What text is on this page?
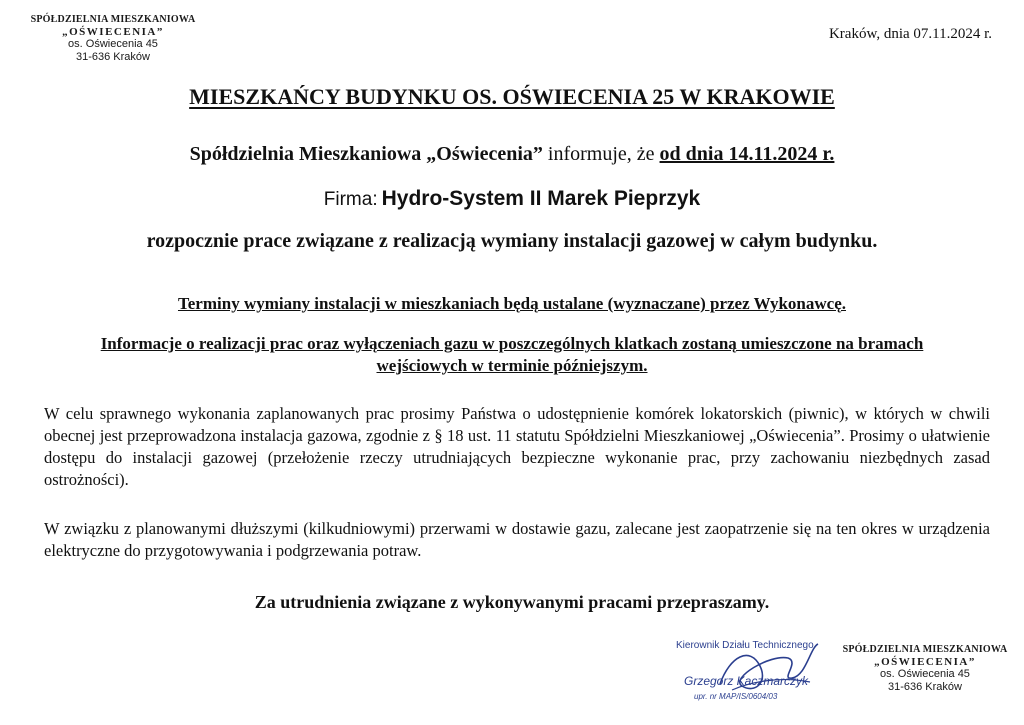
SPÓŁDZIELNIA MIESZKANIOWA
„OŚWIECENIA”
os. Oświecenia 45
31-636 Kraków
Kraków, dnia 07.11.2024 r.
MIESZKAŃCY BUDYNKU OS. OŚWIECENIA 25 W KRAKOWIE
Spółdzielnia Mieszkaniowa „Oświecenia” informuje, że od dnia 14.11.2024 r.
Firma: Hydro-System II Marek Pieprzyk
rozpocznie prace związane z realizacją wymiany instalacji gazowej w całym budynku.
Terminy wymiany instalacji w mieszkaniach będą ustalane (wyznaczane) przez Wykonawcę.
Informacje o realizacji prac oraz wyłączeniach gazu w poszczególnych klatkach zostaną umieszczone na bramach
wejściowych w terminie późniejszym.
W celu sprawnego wykonania zaplanowanych prac prosimy Państwa o udostępnienie komórek lokatorskich (piwnic), w których w chwili obecnej jest przeprowadzona instalacja gazowa, zgodnie z § 18 ust. 11 statutu Spółdzielni Mieszkaniowej „Oświecenia”. Prosimy o ułatwienie dostępu do instalacji gazowej (przełożenie rzeczy utrudniających bezpieczne wykonanie prac, przy zachowaniu niezbędnych zasad ostrożności).
W związku z planowanymi dłuższymi (kilkudniowymi) przerwami w dostawie gazu, zalecane jest zaopatrzenie się na ten okres w urządzenia elektryczne do przygotowywania i podgrzewania potraw.
Za utrudnienia związane z wykonywanymi pracami przepraszamy.
Kierownik Działu Technicznego
Grzegorz Kaczmarczyk
upr. nr MAP/IS/0604/03
SPÓŁDZIELNIA MIESZKANIOWA
„OŚWIECENIA”
os. Oświecenia 45
31-636 Kraków
